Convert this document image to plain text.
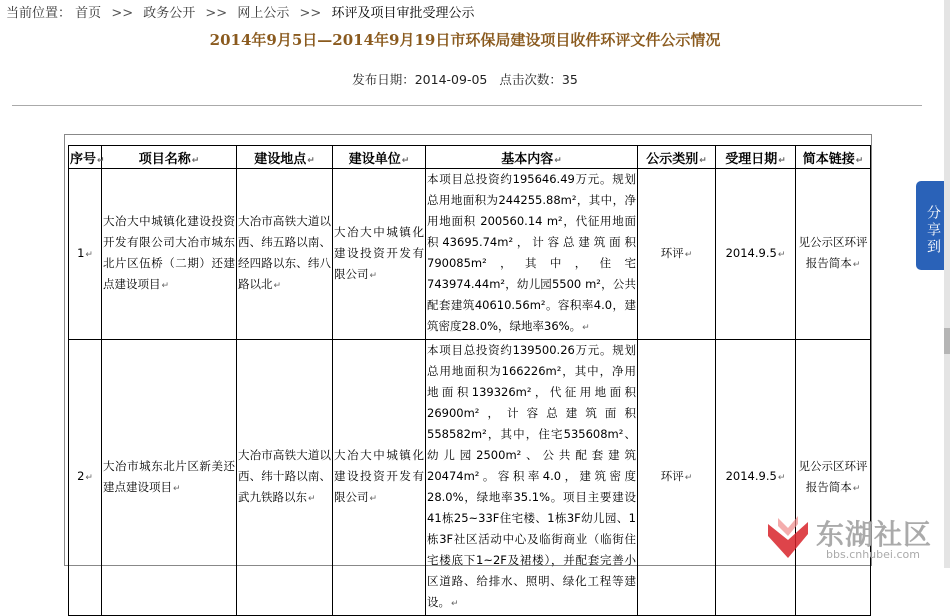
当前位置： 首页 >> 政务公开 >> 网上公示 >> 环评及项目审批受理公示
2014年9月5日—2014年9月19日市环保局建设项目收件环评文件公示情况
发布日期：2014-09-05 点击次数：35
序号↵	项目名称↵	建设地点↵	建设单位↵	基本内容↵	公示类别↵	受理日期↵	简本链接↵
1↵	大冶大中城镇化建设投资开发有限公司大冶市城东北片区伍桥（二期）还建点建设项目↵	大冶市高铁大道以西、纬五路以南、经四路以东、纬八路以北↵	大冶大中城镇化建设投资开发有限公司↵	本项目总投资约195646.49万元。规划总用地面积为244255.88m²，其中，净用地面积 200560.14 m²，代征用地面积43695.74m²，计容总建筑面积790085m²，其中，住宅743974.44m²，幼儿园5500 m²，公共配套建筑40610.56m²。容积率4.0，建筑密度28.0%，绿地率36%。↵	环评↵	2014.9.5↵	见公示区环评报告简本↵
2↵	大冶市城东北片区新美还建点建设项目↵	大冶市高铁大道以西、纬十路以南、武九铁路以东↵	大冶大中城镇化建设投资开发有限公司↵	本项目总投资约139500.26万元。规划总用地面积为166226m²，其中，净用地面积139326m²，代征用地面积26900m²，计容总建筑面积 558582m²，其中，住宅535608m²、幼儿园2500m²、公共配套建筑20474m²。容积率4.0，建筑密度28.0%，绿地率35.1%。项目主要建设41栋25~33F住宅楼、1栋3F幼儿园、1栋3F社区活动中心及临街商业（临街住宅楼底下1~2F及裙楼），并配套完善小区道路、给排水、照明、绿化工程等建设。↵	环评↵	2014.9.5↵	见公示区环评报告简本↵
分享到
东湖社区
bbs.cnhubei.com
